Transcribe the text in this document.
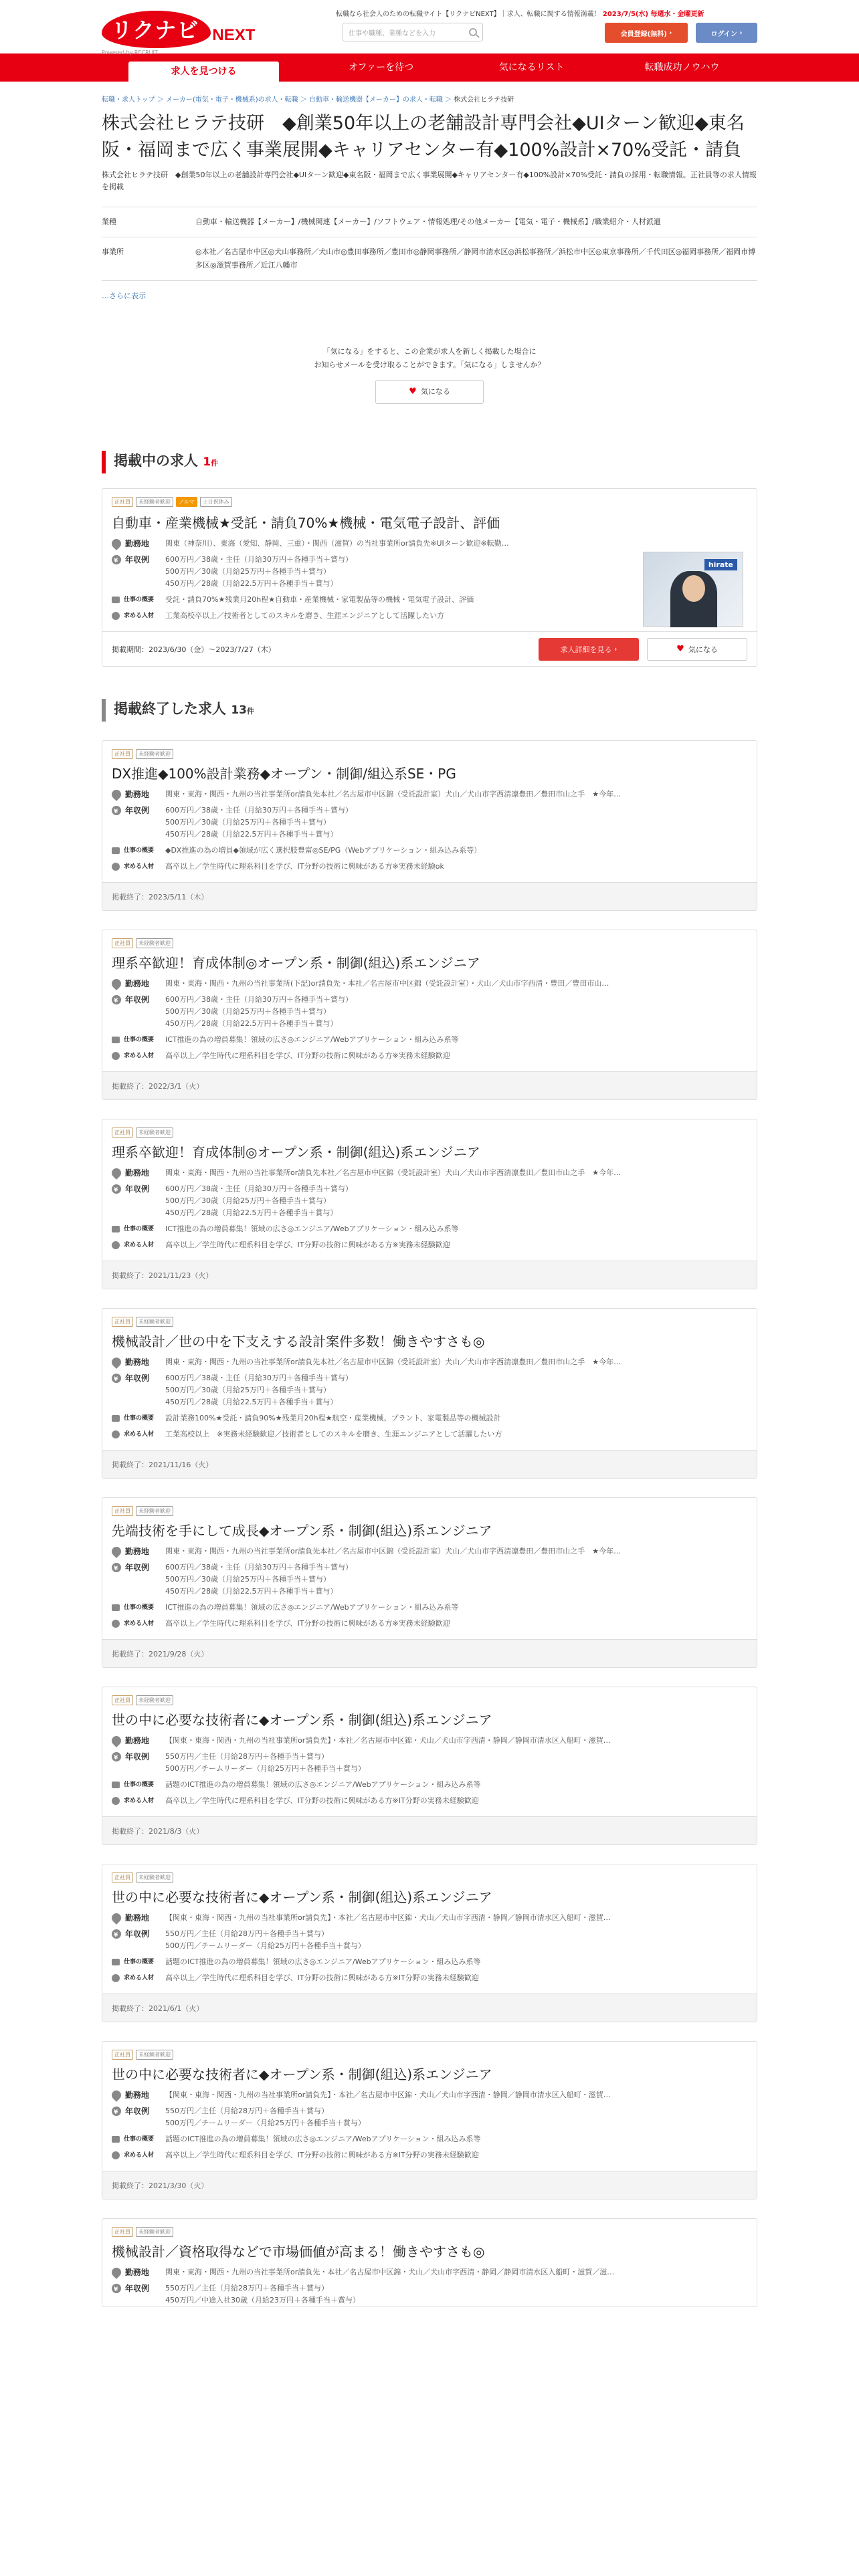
リクナビ NEXT
Powered by RECRUIT
転職なら社会人のための転職サイト【リクナビNEXT】｜求人、転職に関する情報満載！ 2023/7/5(水) 毎週水・金曜更新
仕事や職種、業種などを入力	会員登録(無料) ›	ログイン ›
求人を見つける	オファーを待つ	気になるリスト	転職成功ノウハウ
転職・求人トップ ＞ メーカー(電気・電子・機械系)の求人・転職 ＞ 自動車・輸送機器【メーカー】の求人・転職 ＞ 株式会社ヒラテ技研
株式会社ヒラテ技研　◆創業50年以上の老舗設計専門会社◆UIターン歓迎◆東名阪・福岡まで広く事業展開◆キャリアセンター有◆100%設計×70%受託・請負

株式会社ヒラテ技研　◆創業50年以上の老舗設計専門会社◆UIターン歓迎◆東名阪・福岡まで広く事業展開◆キャリアセンター有◆100%設計×70%受託・請負の採用・転職情報。正社員等の求人情報を掲載

業種	自動車・輸送機器【メーカー】/機械関連【メーカー】/ソフトウェア・情報処理/その他メーカー【電気・電子・機械系】/職業紹介・人材派遣
事業所	◎本社／名古屋市中区◎犬山事務所／犬山市◎豊田事務所／豊田市◎静岡事務所／静岡市清水区◎浜松事務所／浜松市中区◎東京事務所／千代田区◎福岡事務所／福岡市博多区◎滋賀事務所／近江八幡市
…さらに表示
「気になる」をすると、この企業が求人を新しく掲載した場合に
お知らせメールを受け取ることができます。「気になる」しませんか？
♥ 気になる
掲載中の求人 1件
正社員	未経験者歓迎	ノルマ	土日祝休み
自動車・産業機械★受託・請負70%★機械・電気電子設計、評価
勤務地 関東（神奈川）、東海（愛知、静岡、三重）・関西（滋賀）の当社事業所or請負先※UIターン歓迎※転勤…
¥
年収例 600万円／38歳・主任（月給30万円＋各種手当＋賞与）
500万円／30歳（月給25万円＋各種手当＋賞与）
450万円／28歳（月給22.5万円＋各種手当＋賞与）
仕事の概要 受託・請負70%★残業月20h程★自動車・産業機械・家電製品等の機械・電気電子設計、評価
求める人材 工業高校卒以上／技術者としてのスキルを磨き、生涯エンジニアとして活躍したい方
hirate
掲載期間：2023/6/30（金）～2023/7/27（木）	求人詳細を見る ›	♥ 気になる
掲載終了した求人 13件
正社員	未経験者歓迎
DX推進◆100%設計業務◆オープン・制御/組込系SE・PG
勤務地 関東・東海・関西・九州の当社事業所or請負先本社／名古屋市中区錦（受託設計室）犬山／犬山市字西清凛豊田／豊田市山之手　★今年…
¥
年収例 600万円／38歳・主任（月給30万円＋各種手当＋賞与）
500万円／30歳（月給25万円＋各種手当＋賞与）
450万円／28歳（月給22.5万円＋各種手当＋賞与）
仕事の概要 ◆DX推進の為の増員◆領域が広く選択肢豊富◎SE/PG（Webアプリケーション・組み込み系等）
求める人材 高卒以上／学生時代に理系科目を学び、IT分野の技術に興味がある方※実務未経験ok
掲載終了：2023/5/11（木）
正社員	未経験者歓迎
理系卒歓迎！育成体制◎オープン系・制御(組込)系エンジニア
勤務地 関東・東海・関西・九州の当社事業所(下記)or請負先・本社／名古屋市中区錦（受託設計室）・犬山／犬山市字西清・豊田／豊田市山…
¥
年収例 600万円／38歳・主任（月給30万円＋各種手当＋賞与）
500万円／30歳（月給25万円＋各種手当＋賞与）
450万円／28歳（月給22.5万円＋各種手当＋賞与）
仕事の概要 ICT推進の為の増員募集！領域の広さ◎エンジニア/Webアプリケーション・組み込み系等
求める人材 高卒以上／学生時代に理系科目を学び、IT分野の技術に興味がある方※実務未経験歓迎
掲載終了：2022/3/1（火）
正社員	未経験者歓迎
理系卒歓迎！育成体制◎オープン系・制御(組込)系エンジニア
勤務地 関東・東海・関西・九州の当社事業所or請負先本社／名古屋市中区錦（受託設計室）犬山／犬山市字西清凛豊田／豊田市山之手　★今年…
¥
年収例 600万円／38歳・主任（月給30万円＋各種手当＋賞与）
500万円／30歳（月給25万円＋各種手当＋賞与）
450万円／28歳（月給22.5万円＋各種手当＋賞与）
仕事の概要 ICT推進の為の増員募集！領域の広さ◎エンジニア/Webアプリケーション・組み込み系等
求める人材 高卒以上／学生時代に理系科目を学び、IT分野の技術に興味がある方※実務未経験歓迎
掲載終了：2021/11/23（火）
正社員	未経験者歓迎
機械設計／世の中を下支えする設計案件多数！働きやすさも◎
勤務地 関東・東海・関西・九州の当社事業所or請負先本社／名古屋市中区錦（受託設計室）犬山／犬山市字西清凛豊田／豊田市山之手　★今年…
¥
年収例 600万円／38歳・主任（月給30万円＋各種手当＋賞与）
500万円／30歳（月給25万円＋各種手当＋賞与）
450万円／28歳（月給22.5万円＋各種手当＋賞与）
仕事の概要 設計業務100%★受託・請負90%★残業月20h程★航空・産業機械、プラント、家電製品等の機械設計
求める人材 工業高校以上　※実務未経験歓迎／技術者としてのスキルを磨き、生涯エンジニアとして活躍したい方
掲載終了：2021/11/16（火）
正社員	未経験者歓迎
先端技術を手にして成長◆オープン系・制御(組込)系エンジニア
勤務地 関東・東海・関西・九州の当社事業所or請負先本社／名古屋市中区錦（受託設計室）犬山／犬山市字西清凛豊田／豊田市山之手　★今年…
¥
年収例 600万円／38歳・主任（月給30万円＋各種手当＋賞与）
500万円／30歳（月給25万円＋各種手当＋賞与）
450万円／28歳（月給22.5万円＋各種手当＋賞与）
仕事の概要 ICT推進の為の増員募集！領域の広さ◎エンジニア/Webアプリケーション・組み込み系等
求める人材 高卒以上／学生時代に理系科目を学び、IT分野の技術に興味がある方※実務未経験歓迎
掲載終了：2021/9/28（火）
正社員	未経験者歓迎
世の中に必要な技術者に◆オープン系・制御(組込)系エンジニア
勤務地 【関東・東海・関西・九州の当社事業所or請負先】・本社／名古屋市中区錦・犬山／犬山市字西清・静岡／静岡市清水区入船町・滋賀…
¥
年収例 550万円／主任（月給28万円＋各種手当＋賞与）
500万円／チームリーダー（月給25万円＋各種手当＋賞与）
仕事の概要 話題のICT推進の為の増員募集！領域の広さ◎エンジニア/Webアプリケーション・組み込み系等
求める人材 高卒以上／学生時代に理系科目を学び、IT分野の技術に興味がある方※IT分野の実務未経験歓迎
掲載終了：2021/8/3（火）
正社員	未経験者歓迎
世の中に必要な技術者に◆オープン系・制御(組込)系エンジニア
勤務地 【関東・東海・関西・九州の当社事業所or請負先】・本社／名古屋市中区錦・犬山／犬山市字西清・静岡／静岡市清水区入船町・滋賀…
¥
年収例 550万円／主任（月給28万円＋各種手当＋賞与）
500万円／チームリーダー（月給25万円＋各種手当＋賞与）
仕事の概要 話題のICT推進の為の増員募集！領域の広さ◎エンジニア/Webアプリケーション・組み込み系等
求める人材 高卒以上／学生時代に理系科目を学び、IT分野の技術に興味がある方※IT分野の実務未経験歓迎
掲載終了：2021/6/1（火）
正社員	未経験者歓迎
世の中に必要な技術者に◆オープン系・制御(組込)系エンジニア
勤務地 【関東・東海・関西・九州の当社事業所or請負先】・本社／名古屋市中区錦・犬山／犬山市字西清・静岡／静岡市清水区入船町・滋賀…
¥
年収例 550万円／主任（月給28万円＋各種手当＋賞与）
500万円／チームリーダー（月給25万円＋各種手当＋賞与）
仕事の概要 話題のICT推進の為の増員募集！領域の広さ◎エンジニア/Webアプリケーション・組み込み系等
求める人材 高卒以上／学生時代に理系科目を学び、IT分野の技術に興味がある方※IT分野の実務未経験歓迎
掲載終了：2021/3/30（火）
正社員	未経験者歓迎
機械設計／資格取得などで市場価値が高まる！働きやすさも◎
勤務地 関東・東海・関西・九州の当社事業所or請負先・本社／名古屋市中区錦・犬山／犬山市字西清・静岡／静岡市清水区入船町・滋賀／滋…
¥
年収例 550万円／主任（月給28万円＋各種手当＋賞与）
450万円／中途入社30歳（月給23万円＋各種手当＋賞与）
